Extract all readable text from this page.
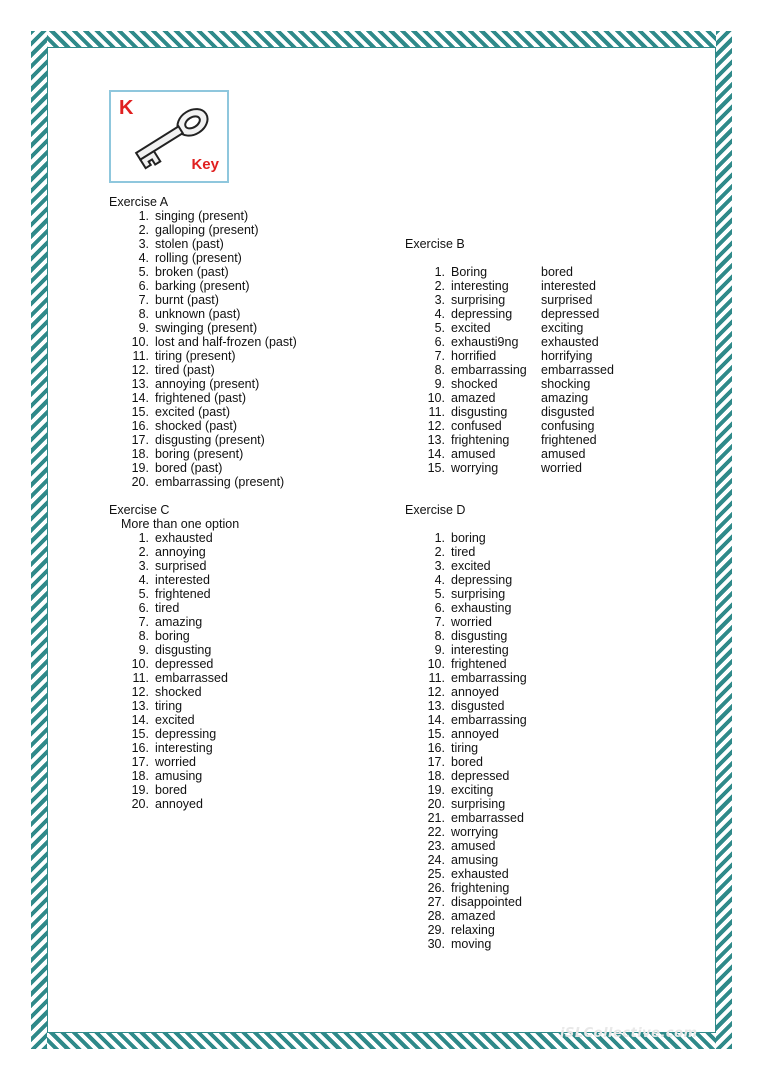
K
Key
Exercise A
1. singing (present)
2. galloping (present)
3. stolen (past)
4. rolling (present)
5. broken (past)
6. barking (present)
7. burnt (past)
8. unknown (past)
9. swinging (present)
10. lost and half-frozen (past)
11. tiring (present)
12. tired (past)
13. annoying (present)
14. frightened (past)
15. excited (past)
16. shocked (past)
17. disgusting (present)
18. boring (present)
19. bored (past)
20. embarrassing (present)
Exercise B
1. Boring	bored
2. interesting	interested
3. surprising	surprised
4. depressing	depressed
5. excited	exciting
6. exhausti9ng	exhausted
7. horrified	horrifying
8. embarrassing	embarrassed
9. shocked	shocking
10. amazed	amazing
11. disgusting	disgusted
12. confused	confusing
13. frightening	frightened
14. amused	amused
15. worrying	worried
Exercise C
More than one option
1. exhausted
2. annoying
3. surprised
4. interested
5. frightened
6. tired
7. amazing
8. boring
9. disgusting
10. depressed
11. embarrassed
12. shocked
13. tiring
14. excited
15. depressing
16. interesting
17. worried
18. amusing
19. bored
20. annoyed
Exercise D
1. boring
2. tired
3. excited
4. depressing
5. surprising
6. exhausting
7. worried
8. disgusting
9. interesting
10. frightened
11. embarrassing
12. annoyed
13. disgusted
14. embarrassing
15. annoyed
16. tiring
17. bored
18. depressed
19. exciting
20. surprising
21. embarrassed
22. worrying
23. amused
24. amusing
25. exhausted
26. frightening
27. disappointed
28. amazed
29. relaxing
30. moving
iSLCollective.com
